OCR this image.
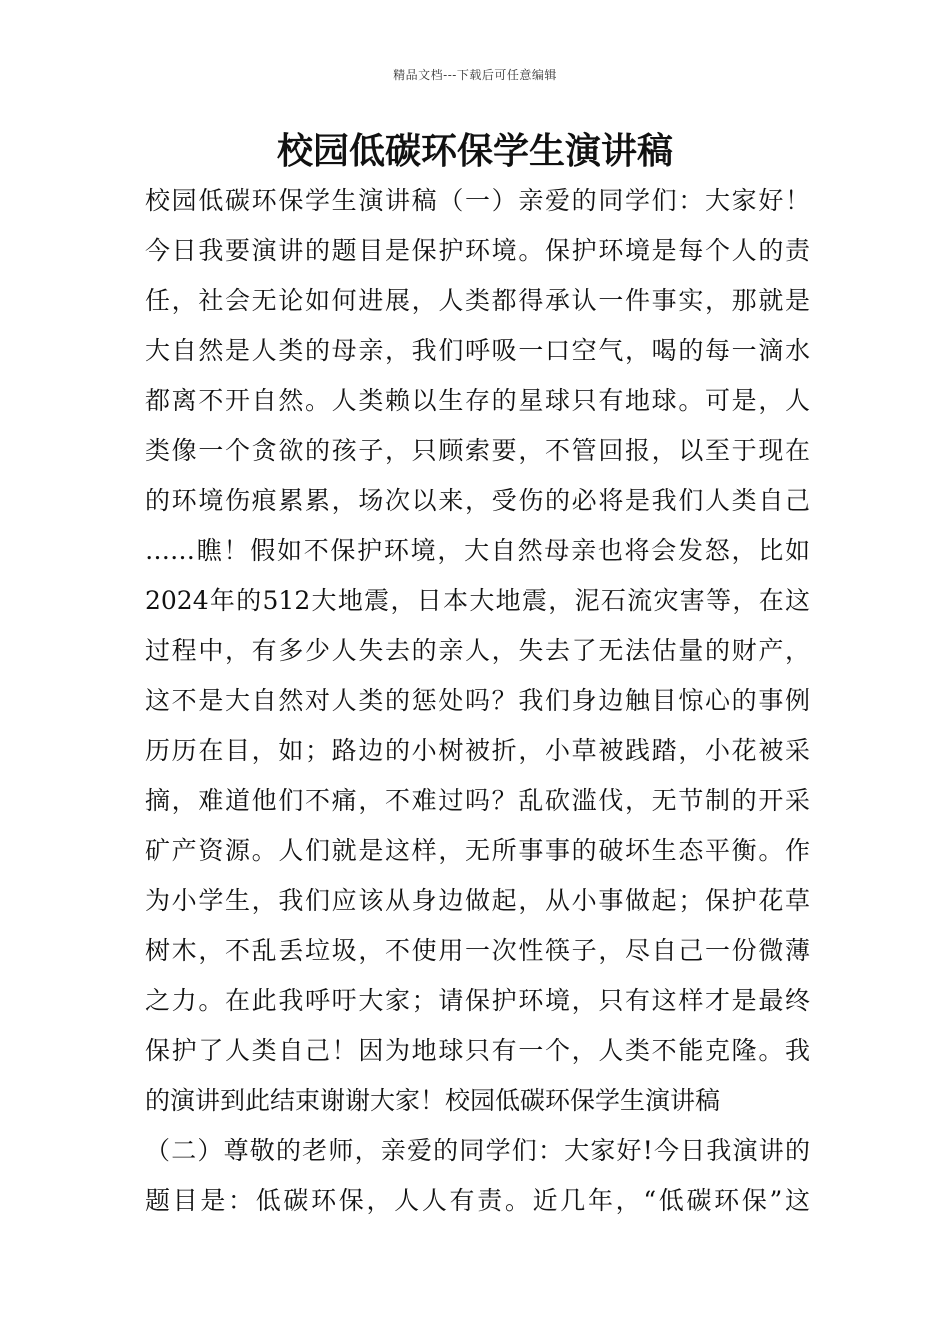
精品文档---下载后可任意编辑
校园低碳环保学生演讲稿
校园低碳环保学生演讲稿（一）亲爱的同学们：大家好！
今日我要演讲的题目是保护环境。保护环境是每个人的责
任，社会无论如何进展，人类都得承认一件事实，那就是
大自然是人类的母亲，我们呼吸一口空气，喝的每一滴水
都离不开自然。人类赖以生存的星球只有地球。可是，人
类像一个贪欲的孩子，只顾索要，不管回报，以至于现在
的环境伤痕累累，场次以来，受伤的必将是我们人类自己
……瞧！假如不保护环境，大自然母亲也将会发怒，比如
2024年的512大地震，日本大地震，泥石流灾害等，在这
过程中，有多少人失去的亲人，失去了无法估量的财产，
这不是大自然对人类的惩处吗？我们身边触目惊心的事例
历历在目，如；路边的小树被折，小草被践踏，小花被采
摘，难道他们不痛，不难过吗？乱砍滥伐，无节制的开采
矿产资源。人们就是这样，无所事事的破坏生态平衡。作
为小学生，我们应该从身边做起，从小事做起；保护花草
树木，不乱丢垃圾，不使用一次性筷子，尽自己一份微薄
之力。在此我呼吁大家；请保护环境，只有这样才是最终
保护了人类自己！因为地球只有一个，人类不能克隆。我
的演讲到此结束谢谢大家！校园低碳环保学生演讲稿
（二）尊敬的老师，亲爱的同学们：大家好!今日我演讲的
题目是：低碳环保，人人有责。近几年，“低碳环保”这
